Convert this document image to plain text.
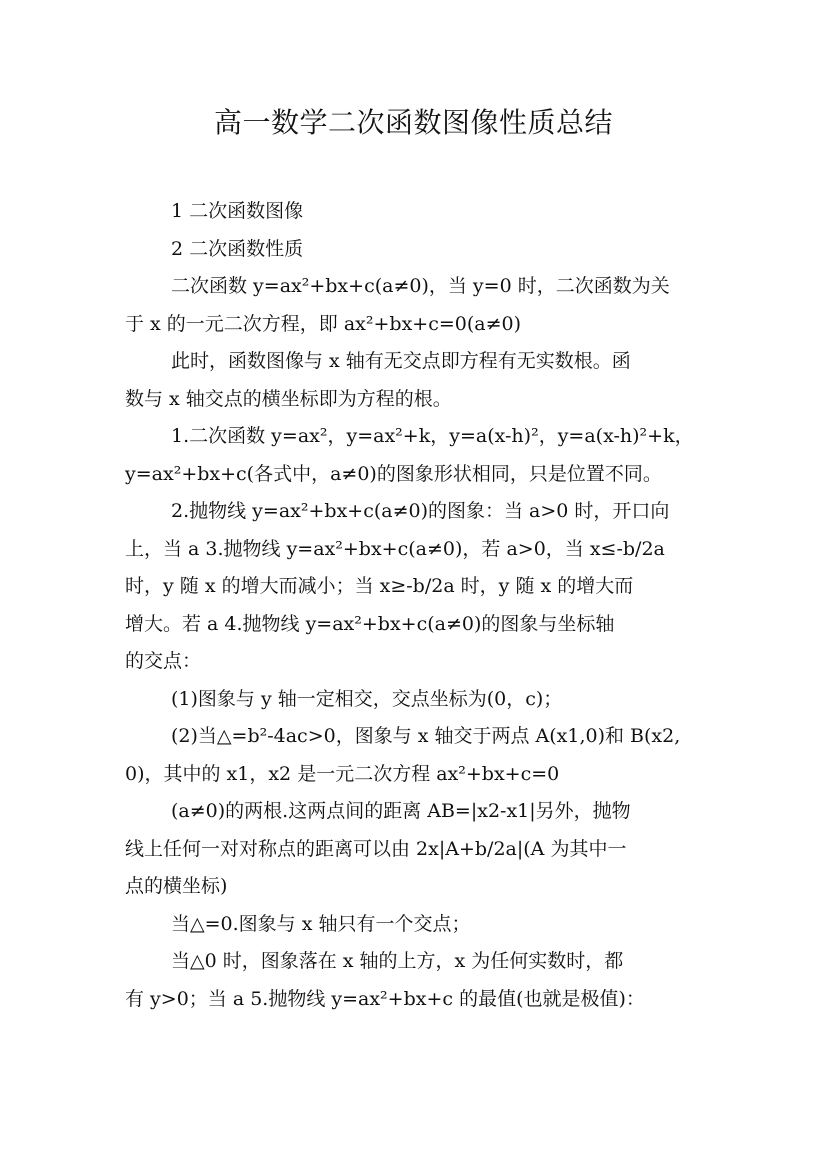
高一数学二次函数图像性质总结

1 二次函数图像

2 二次函数性质

二次函数 y=ax²+bx+c(a≠0)，当 y=0 时，二次函数为关

于 x 的一元二次方程，即 ax²+bx+c=0(a≠0)

此时，函数图像与 x 轴有无交点即方程有无实数根。函

数与 x 轴交点的横坐标即为方程的根。

1.二次函数 y=ax²，y=ax²+k，y=a(x-h)²，y=a(x-h)²+k，

y=ax²+bx+c(各式中，a≠0)的图象形状相同，只是位置不同。

2.抛物线 y=ax²+bx+c(a≠0)的图象：当 a>0 时，开口向

上，当 a 3.抛物线 y=ax²+bx+c(a≠0)，若 a>0，当 x≤-b/2a

时，y 随 x 的增大而减小；当 x≥-b/2a 时，y 随 x 的增大而

增大。若 a 4.抛物线 y=ax²+bx+c(a≠0)的图象与坐标轴

的交点：

(1)图象与 y 轴一定相交，交点坐标为(0，c)；

(2)当△=b²-4ac>0，图象与 x 轴交于两点 A(x1,0)和 B(x2,

0)，其中的 x1，x2 是一元二次方程 ax²+bx+c=0

(a≠0)的两根.这两点间的距离 AB=|x2-x1|另外，抛物

线上任何一对对称点的距离可以由 2x|A+b/2a|(A 为其中一

点的横坐标)

当△=0.图象与 x 轴只有一个交点；

当△0 时，图象落在 x 轴的上方，x 为任何实数时，都

有 y>0；当 a 5.抛物线 y=ax²+bx+c 的最值(也就是极值)：
